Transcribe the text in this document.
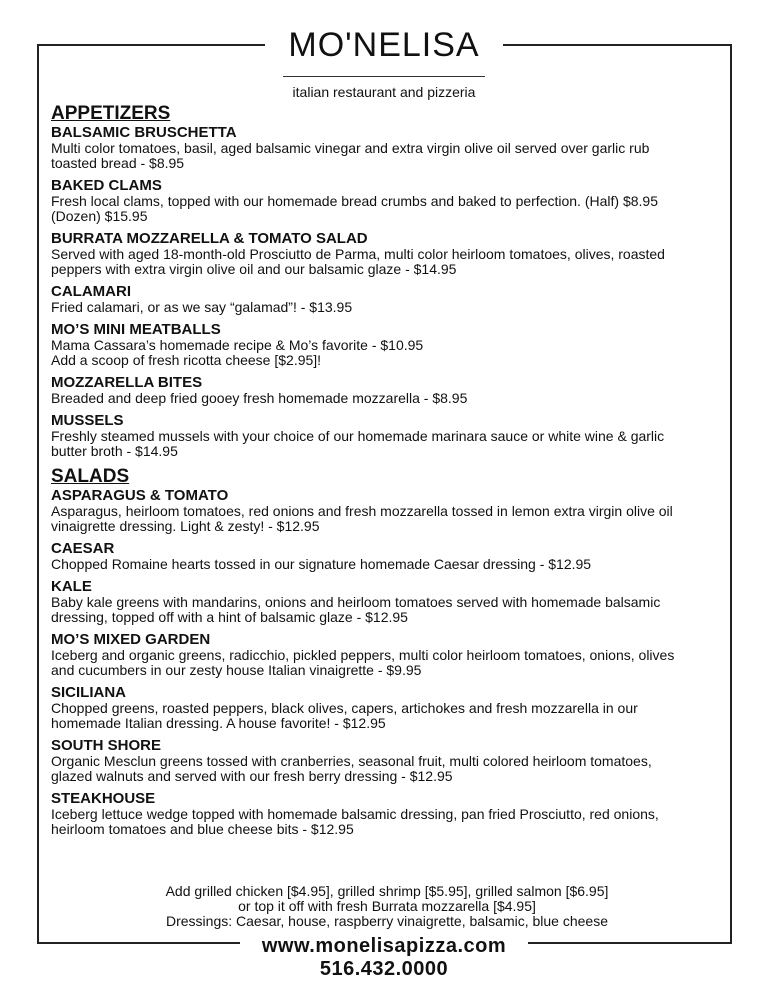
MO'NELISA
italian restaurant and pizzeria
APPETIZERS
BALSAMIC BRUSCHETTA
Multi color tomatoes, basil, aged balsamic vinegar and extra virgin olive oil served over garlic rub
toasted bread - $8.95
BAKED CLAMS
Fresh local clams, topped with our homemade bread crumbs and baked to perfection. (Half) $8.95
(Dozen) $15.95
BURRATA MOZZARELLA & TOMATO SALAD
Served with aged 18-month-old Prosciutto de Parma, multi color heirloom tomatoes, olives, roasted
peppers with extra virgin olive oil and our balsamic glaze - $14.95
CALAMARI
Fried calamari, or as we say “galamad”! - $13.95
MO’S MINI MEATBALLS
Mama Cassara’s homemade recipe & Mo’s favorite - $10.95
Add a scoop of fresh ricotta cheese [$2.95]!
MOZZARELLA BITES
Breaded and deep fried gooey fresh homemade mozzarella - $8.95
MUSSELS
Freshly steamed mussels with your choice of our homemade marinara sauce or white wine & garlic
butter broth - $14.95
SALADS
ASPARAGUS & TOMATO
Asparagus, heirloom tomatoes, red onions and fresh mozzarella tossed in lemon extra virgin olive oil
vinaigrette dressing. Light & zesty! - $12.95
CAESAR
Chopped Romaine hearts tossed in our signature homemade Caesar dressing - $12.95
KALE
Baby kale greens with mandarins, onions and heirloom tomatoes served with homemade balsamic
dressing, topped off with a hint of balsamic glaze - $12.95
MO’S MIXED GARDEN
Iceberg and organic greens, radicchio, pickled peppers, multi color heirloom tomatoes, onions, olives
and cucumbers in our zesty house Italian vinaigrette - $9.95
SICILIANA
Chopped greens, roasted peppers, black olives, capers, artichokes and fresh mozzarella in our
homemade Italian dressing. A house favorite! - $12.95
SOUTH SHORE
Organic Mesclun greens tossed with cranberries, seasonal fruit, multi colored heirloom tomatoes,
glazed walnuts and served with our fresh berry dressing - $12.95
STEAKHOUSE
Iceberg lettuce wedge topped with homemade balsamic dressing, pan fried Prosciutto, red onions,
heirloom tomatoes and blue cheese bits - $12.95
Add grilled chicken [$4.95], grilled shrimp [$5.95], grilled salmon [$6.95]
or top it off with fresh Burrata mozzarella [$4.95]
Dressings: Caesar, house, raspberry vinaigrette, balsamic, blue cheese
www.monelisapizza.com
516.432.0000
